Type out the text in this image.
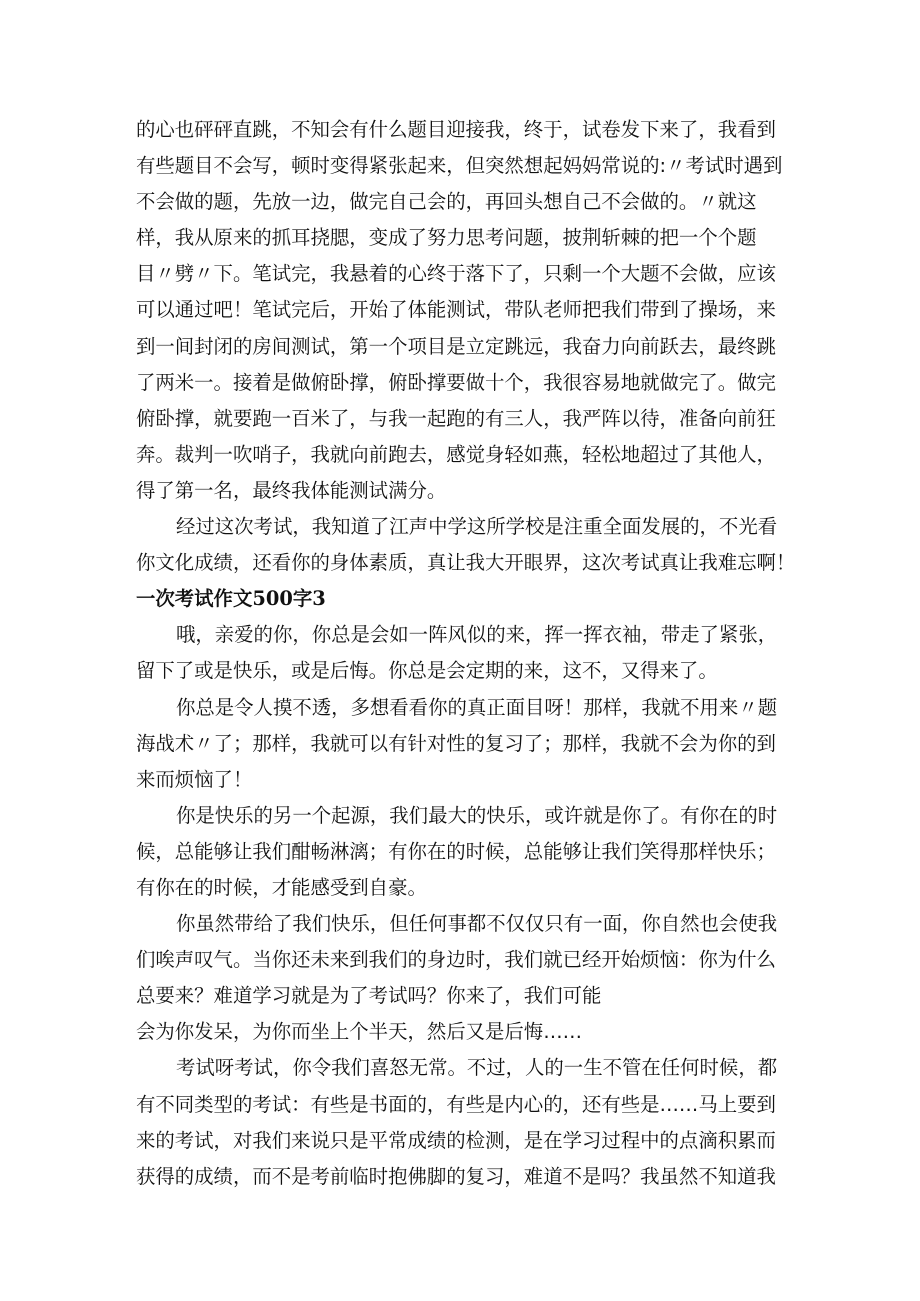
的心也砰砰直跳，不知会有什么题目迎接我，终于，试卷发下来了，我看到
有些题目不会写，顿时变得紧张起来，但突然想起妈妈常说的:〃考试时遇到
不会做的题，先放一边，做完自己会的，再回头想自己不会做的。〃就这
样，我从原来的抓耳挠腮，变成了努力思考问题，披荆斩棘的把一个个题
目〃劈〃下。笔试完，我悬着的心终于落下了，只剩一个大题不会做，应该
可以通过吧！笔试完后，开始了体能测试，带队老师把我们带到了操场，来
到一间封闭的房间测试，第一个项目是立定跳远，我奋力向前跃去，最终跳
了两米一。接着是做俯卧撑，俯卧撑要做十个，我很容易地就做完了。做完
俯卧撑，就要跑一百米了，与我一起跑的有三人，我严阵以待，准备向前狂
奔。裁判一吹哨子，我就向前跑去，感觉身轻如燕，轻松地超过了其他人，
得了第一名，最终我体能测试满分。
经过这次考试，我知道了江声中学这所学校是注重全面发展的，不光看
你文化成绩，还看你的身体素质，真让我大开眼界，这次考试真让我难忘啊！
一次考试作文500字3
哦，亲爱的你，你总是会如一阵风似的来，挥一挥衣袖，带走了紧张，
留下了或是快乐，或是后悔。你总是会定期的来，这不，又得来了。
你总是令人摸不透，多想看看你的真正面目呀！那样，我就不用来〃题
海战术〃了；那样，我就可以有针对性的复习了；那样，我就不会为你的到
来而烦恼了！
你是快乐的另一个起源，我们最大的快乐，或许就是你了。有你在的时
候，总能够让我们酣畅淋漓；有你在的时候，总能够让我们笑得那样快乐；
有你在的时候，才能感受到自豪。
你虽然带给了我们快乐，但任何事都不仅仅只有一面，你自然也会使我
们唉声叹气。当你还未来到我们的身边时，我们就已经开始烦恼：你为什么
总要来？难道学习就是为了考试吗？你来了，我们可能
会为你发呆，为你而坐上个半天，然后又是后悔……
考试呀考试，你令我们喜怒无常。不过，人的一生不管在任何时候，都
有不同类型的考试：有些是书面的，有些是内心的，还有些是……马上要到
来的考试，对我们来说只是平常成绩的检测，是在学习过程中的点滴积累而
获得的成绩，而不是考前临时抱佛脚的复习，难道不是吗？我虽然不知道我
